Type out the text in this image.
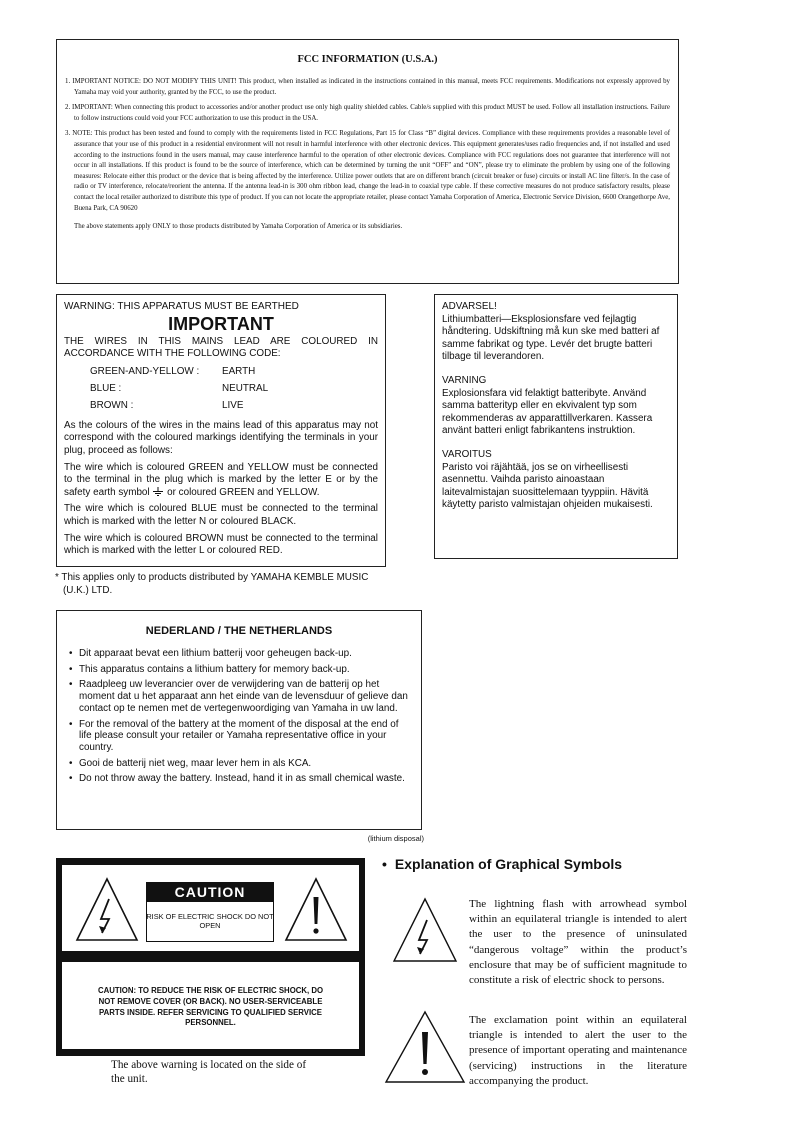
FCC INFORMATION (U.S.A.)

1. IMPORTANT NOTICE: DO NOT MODIFY THIS UNIT! This product, when installed as indicated in the instructions contained in this manual, meets FCC requirements. Modifications not expressly approved by Yamaha may void your authority, granted by the FCC, to use the product.

2. IMPORTANT: When connecting this product to accessories and/or another product use only high quality shielded cables. Cable/s supplied with this product MUST be used. Follow all installation instructions. Failure to follow instructions could void your FCC authorization to use this product in the USA.

3. NOTE: This product has been tested and found to comply with the requirements listed in FCC Regulations, Part 15 for Class “B” digital devices. Compliance with these requirements provides a reasonable level of assurance that your use of this product in a residential environment will not result in harmful interference with other electronic devices. This equipment generates/uses radio frequencies and, if not installed and used according to the instructions found in the users manual, may cause interference harmful to the operation of other electronic devices. Compliance with FCC regulations does not guarantee that interference will not occur in all installations. If this product is found to be the source of interference, which can be determined by turning the unit “OFF” and “ON”, please try to eliminate the problem by using one of the following measures: Relocate either this product or the device that is being affected by the interference. Utilize power outlets that are on different branch (circuit breaker or fuse) circuits or install AC line filter/s. In the case of radio or TV interference, relocate/reorient the antenna. If the antenna lead-in is 300 ohm ribbon lead, change the lead-in to coaxial type cable. If these corrective measures do not produce satisfactory results, please contact the local retailer authorized to distribute this type of product. If you can not locate the appropriate retailer, please contact Yamaha Corporation of America, Electronic Service Division, 6600 Orangethorpe Ave, Buena Park, CA 90620

The above statements apply ONLY to those products distributed by Yamaha Corporation of America or its subsidiaries.

WARNING: THIS APPARATUS MUST BE EARTHED
IMPORTANT

THE WIRES IN THIS MAINS LEAD ARE COLOURED IN ACCORDANCE WITH THE FOLLOWING CODE:

GREEN-AND-YELLOW :	EARTH
BLUE :	NEUTRAL
BROWN :	LIVE

As the colours of the wires in the mains lead of this apparatus may not correspond with the coloured markings identifying the terminals in your plug, proceed as follows:

The wire which is coloured GREEN and YELLOW must be connected to the terminal in the plug which is marked by the letter E or by the safety earth symbol or coloured GREEN and YELLOW.

The wire which is coloured BLUE must be connected to the terminal which is marked with the letter N or coloured BLACK.

The wire which is coloured BROWN must be connected to the terminal which is marked with the letter L or coloured RED.

* This applies only to products distributed by YAMAHA KEMBLE MUSIC (U.K.) LTD.
ADVARSEL!
Lithiumbatteri—Eksplosionsfare ved fejlagtig håndtering. Udskiftning må kun ske med batteri af samme fabrikat og type. Levér det brugte batteri tilbage til leverandoren.
VARNING
Explosionsfara vid felaktigt batteribyte. Använd samma batterityp eller en ekvivalent typ som rekommenderas av apparattillverkaren. Kassera använt batteri enligt fabrikantens instruktion.
VAROITUS
Paristo voi räjähtää, jos se on virheellisesti asennettu. Vaihda paristo ainoastaan laitevalmistajan suosittelemaan tyyppiin. Hävitä käytetty paristo valmistajan ohjeiden mukaisesti.
NEDERLAND / THE NETHERLANDS
• Dit apparaat bevat een lithium batterij voor geheugen back-up.
• This apparatus contains a lithium battery for memory back-up.
• Raadpleeg uw leverancier over de verwijdering van de batterij op het moment dat u het apparaat ann het einde van de levensduur of gelieve dan contact op te nemen met de vertegenwoordiging van Yamaha in uw land.
• For the removal of the battery at the moment of the disposal at the end of life please consult your retailer or Yamaha representative office in your country.
• Gooi de batterij niet weg, maar lever hem in als KCA.
• Do not throw away the battery. Instead, hand it in as small chemical waste.
(lithium disposal)
CAUTION
RISK OF ELECTRIC SHOCK DO NOT OPEN
CAUTION: TO REDUCE THE RISK OF ELECTRIC SHOCK, DO NOT REMOVE COVER (OR BACK). NO USER-SERVICEABLE PARTS INSIDE. REFER SERVICING TO QUALIFIED SERVICE PERSONNEL.
The above warning is located on the side of the unit.
• Explanation of Graphical Symbols
The lightning flash with arrowhead symbol within an equilateral triangle is intended to alert the user to the presence of uninsulated “dangerous voltage” within the product’s enclosure that may be of sufficient magnitude to constitute a risk of electric shock to persons.
The exclamation point within an equilateral triangle is intended to alert the user to the presence of important operating and maintenance (servicing) instructions in the literature accompanying the product.
